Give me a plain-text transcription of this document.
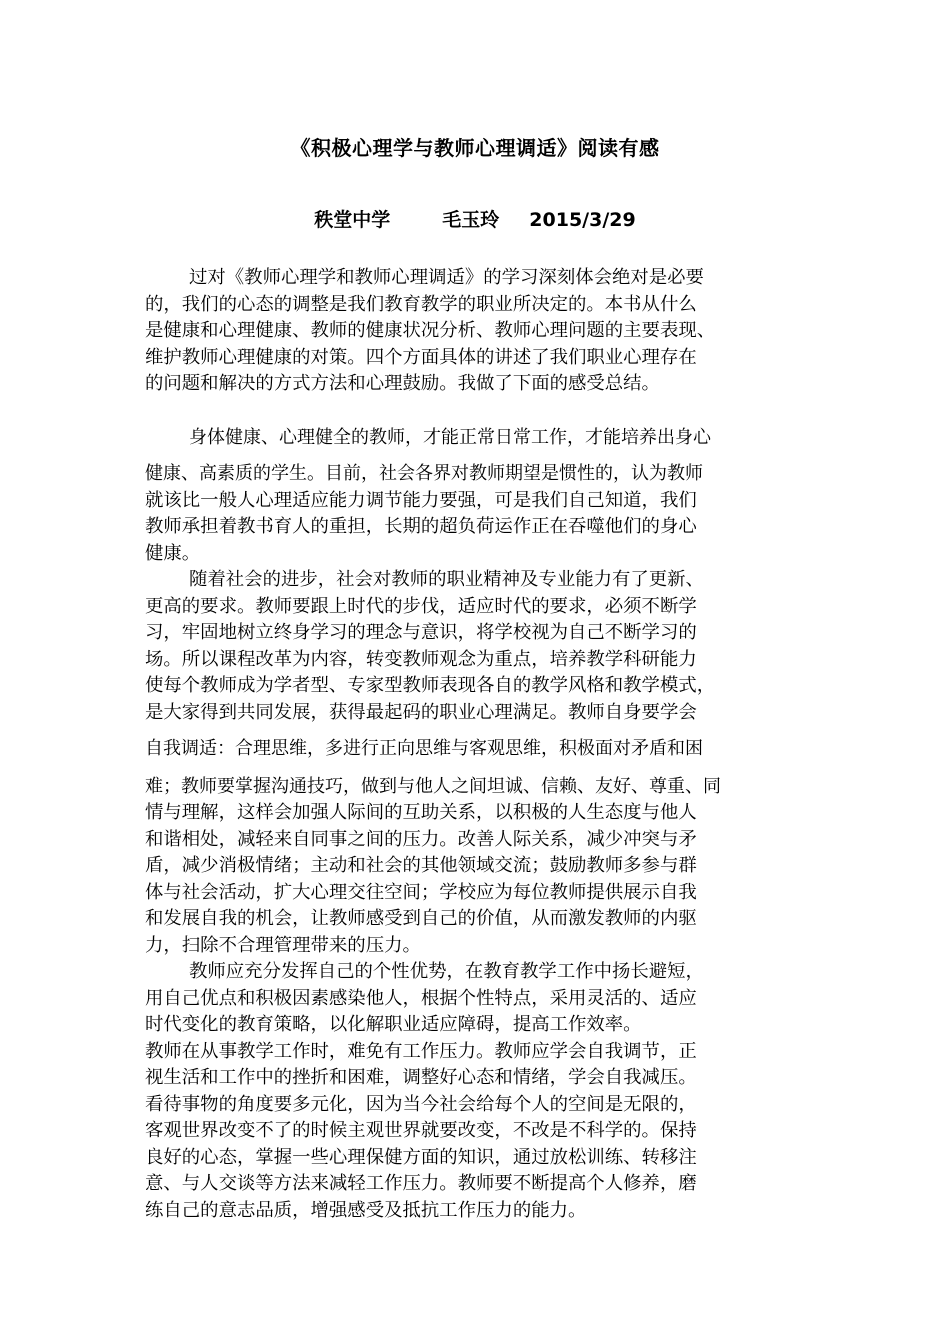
《积极心理学与教师心理调适》阅读有感
秩堂中学	毛玉玲 2015/3/29
过对《教师心理学和教师心理调适》的学习深刻体会绝对是必要
的，我们的心态的调整是我们教育教学的职业所决定的。本书从什么
是健康和心理健康、教师的健康状况分析、教师心理问题的主要表现、
维护教师心理健康的对策。四个方面具体的讲述了我们职业心理存在
的问题和解决的方式方法和心理鼓励。我做了下面的感受总结。
身体健康、心理健全的教师，才能正常日常工作，才能培养出身心
健康、高素质的学生。目前，社会各界对教师期望是惯性的，认为教师
就该比一般人心理适应能力调节能力要强，可是我们自己知道，我们
教师承担着教书育人的重担，长期的超负荷运作正在吞噬他们的身心
健康。
随着社会的进步，社会对教师的职业精神及专业能力有了更新、
更高的要求。教师要跟上时代的步伐，适应时代的要求，必须不断学
习，牢固地树立终身学习的理念与意识，将学校视为自己不断学习的
场。所以课程改革为内容，转变教师观念为重点，培养教学科研能力
使每个教师成为学者型、专家型教师表现各自的教学风格和教学模式，
是大家得到共同发展，获得最起码的职业心理满足。教师自身要学会
自我调适：合理思维，多进行正向思维与客观思维，积极面对矛盾和困
难；教师要掌握沟通技巧，做到与他人之间坦诚、信赖、友好、尊重、同
情与理解，这样会加强人际间的互助关系，以积极的人生态度与他人
和谐相处，减轻来自同事之间的压力。改善人际关系，减少冲突与矛
盾，减少消极情绪；主动和社会的其他领域交流；鼓励教师多参与群
体与社会活动，扩大心理交往空间；学校应为每位教师提供展示自我
和发展自我的机会，让教师感受到自己的价值，从而激发教师的内驱
力，扫除不合理管理带来的压力。
教师应充分发挥自己的个性优势，在教育教学工作中扬长避短，
用自己优点和积极因素感染他人，根据个性特点，采用灵活的、适应
时代变化的教育策略，以化解职业适应障碍，提高工作效率。
教师在从事教学工作时，难免有工作压力。教师应学会自我调节，正
视生活和工作中的挫折和困难，调整好心态和情绪，学会自我减压。
看待事物的角度要多元化，因为当今社会给每个人的空间是无限的，
客观世界改变不了的时候主观世界就要改变，不改是不科学的。保持
良好的心态，掌握一些心理保健方面的知识，通过放松训练、转移注
意、与人交谈等方法来减轻工作压力。教师要不断提高个人修养，磨
练自己的意志品质，增强感受及抵抗工作压力的能力。
